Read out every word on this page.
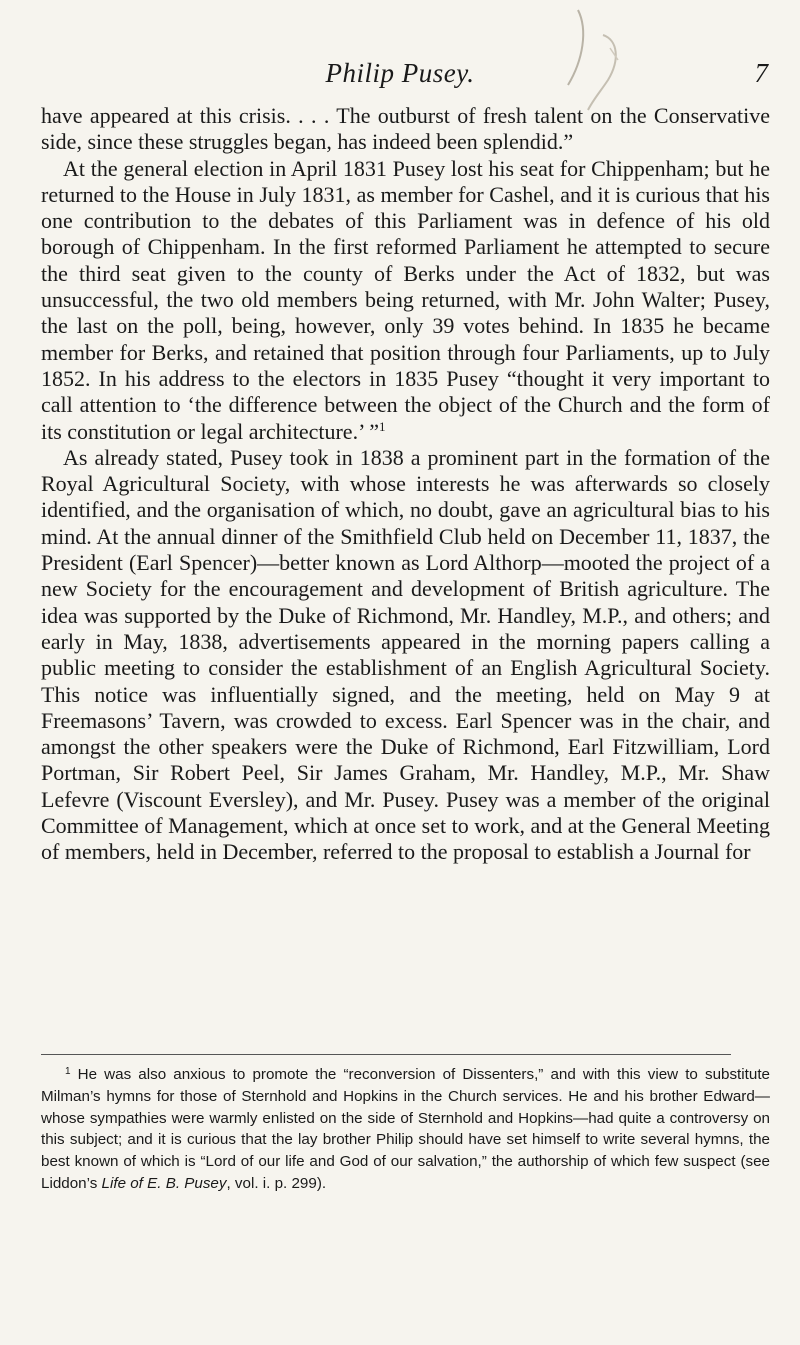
Philip Pusey.	7

have appeared at this crisis. . . . The outburst of fresh talent on the Conservative side, since these struggles began, has indeed been splendid.”

At the general election in April 1831 Pusey lost his seat for Chippenham; but he returned to the House in July 1831, as member for Cashel, and it is curious that his one contribution to the debates of this Parliament was in defence of his old borough of Chippenham. In the first reformed Parliament he attempted to secure the third seat given to the county of Berks under the Act of 1832, but was unsuccessful, the two old members being returned, with Mr. John Walter; Pusey, the last on the poll, being, however, only 39 votes behind. In 1835 he became member for Berks, and retained that position through four Parliaments, up to July 1852. In his address to the electors in 1835 Pusey “thought it very important to call attention to ‘the difference between the object of the Church and the form of its constitution or legal architecture.’ ”$^1$

As already stated, Pusey took in 1838 a prominent part in the formation of the Royal Agricultural Society, with whose interests he was afterwards so closely identified, and the organisation of which, no doubt, gave an agricultural bias to his mind. At the annual dinner of the Smithfield Club held on December 11, 1837, the President (Earl Spencer)—better known as Lord Althorp—mooted the project of a new Society for the encouragement and development of British agriculture. The idea was supported by the Duke of Richmond, Mr. Handley, M.P., and others; and early in May, 1838, advertisements appeared in the morning papers calling a public meeting to consider the establishment of an English Agricultural Society. This notice was influentially signed, and the meeting, held on May 9 at Freemasons’ Tavern, was crowded to excess. Earl Spencer was in the chair, and amongst the other speakers were the Duke of Richmond, Earl Fitzwilliam, Lord Portman, Sir Robert Peel, Sir James Graham, Mr. Handley, M.P., Mr. Shaw Lefevre (Viscount Eversley), and Mr. Pusey. Pusey was a member of the original Committee of Management, which at once set to work, and at the General Meeting of members, held in December, referred to the proposal to establish a Journal for

$^1$ He was also anxious to promote the “reconversion of Dissenters,” and with this view to substitute Milman’s hymns for those of Sternhold and Hopkins in the Church services. He and his brother Edward—whose sympathies were warmly enlisted on the side of Sternhold and Hopkins—had quite a controversy on this subject; and it is curious that the lay brother Philip should have set himself to write several hymns, the best known of which is “Lord of our life and God of our salvation,” the authorship of which few suspect (see Liddon’s Life of E. B. Pusey, vol. i. p. 299).
